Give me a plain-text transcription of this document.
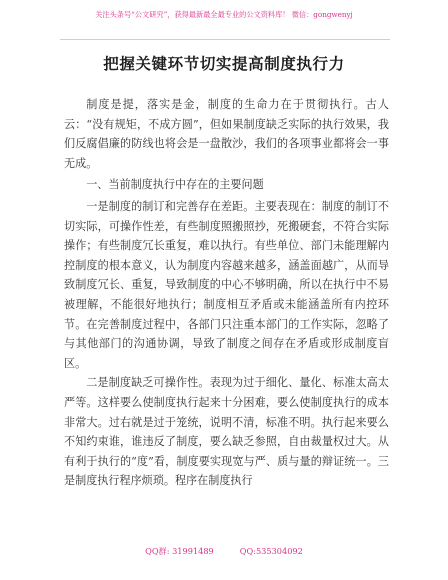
关注头条号“公文研究”，获得最新最全最专业的公文资料库！ 微信：gongwenyj
把握关键环节切实提高制度执行力

制度是提，落实是金，制度的生命力在于贯彻执行。古人云：“没有规矩，不成方圆”，但如果制度缺乏实际的执行效果，我们反腐倡廉的防线也将会是一盘散沙，我们的各项事业都将会一事无成。

一、当前制度执行中存在的主要问题

一是制度的制订和完善存在差距。主要表现在：制度的制订不切实际，可操作性差，有些制度照搬照抄，死搬硬套，不符合实际操作；有些制度冗长重复，难以执行。有些单位、部门未能理解内控制度的根本意义，认为制度内容越来越多，涵盖面越广，从而导致制度冗长、重复，导致制度的中心不够明确，所以在执行中不易被理解，不能很好地执行；制度相互矛盾或未能涵盖所有内控环节。在完善制度过程中，各部门只注重本部门的工作实际，忽略了与其他部门的沟通协调，导致了制度之间存在矛盾或形成制度盲区。

二是制度缺乏可操作性。表现为过于细化、量化、标准太高太严等。这样要么使制度执行起来十分困难，要么使制度执行的成本非常大。过右就是过于笼统，说明不清，标准不明。执行起来要么不知约束谁，谁违反了制度，要么缺乏参照，自由裁量权过大。从有利于执行的“度”看，制度要实现宽与严、质与量的辩证统一。三是制度执行程序烦琐。程序在制度执行

QQ群: 31991489	QQ:535304092
